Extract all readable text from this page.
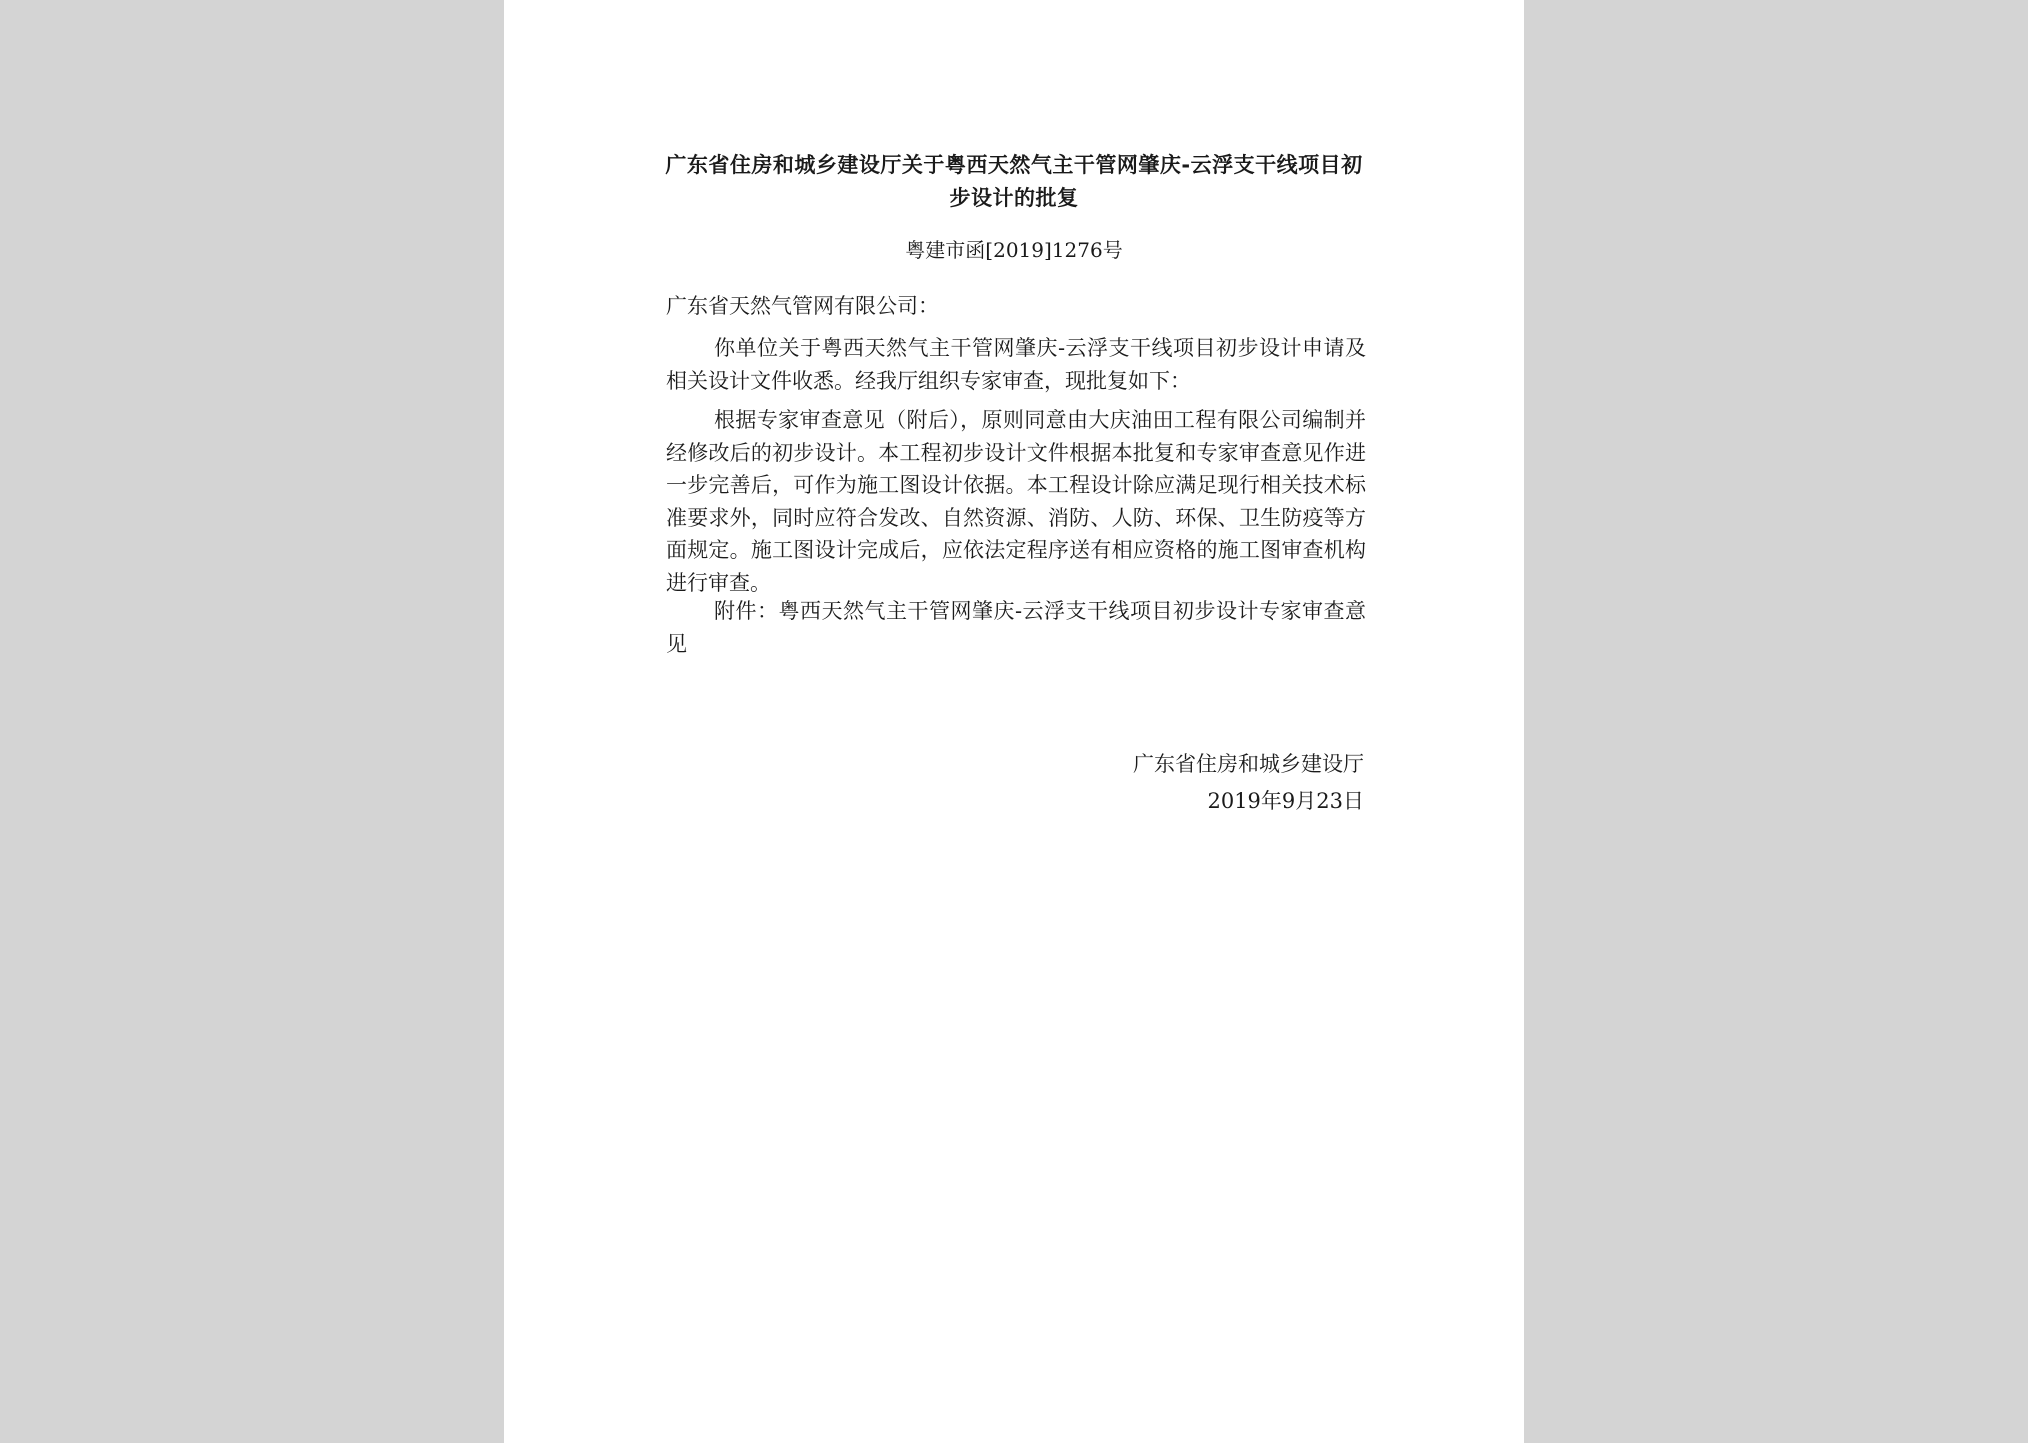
广东省住房和城乡建设厅关于粤西天然气主干管网肇庆-云浮支干线项目初步设计的批复
粤建市函[2019]1276号
广东省天然气管网有限公司：

你单位关于粤西天然气主干管网肇庆-云浮支干线项目初步设计申请及相关设计文件收悉。经我厅组织专家审查，现批复如下：

根据专家审查意见（附后），原则同意由大庆油田工程有限公司编制并经修改后的初步设计。本工程初步设计文件根据本批复和专家审查意见作进一步完善后，可作为施工图设计依据。本工程设计除应满足现行相关技术标准要求外，同时应符合发改、自然资源、消防、人防、环保、卫生防疫等方面规定。施工图设计完成后，应依法定程序送有相应资格的施工图审查机构进行审查。

附件：粤西天然气主干管网肇庆-云浮支干线项目初步设计专家审查意见

广东省住房和城乡建设厅
2019年9月23日
